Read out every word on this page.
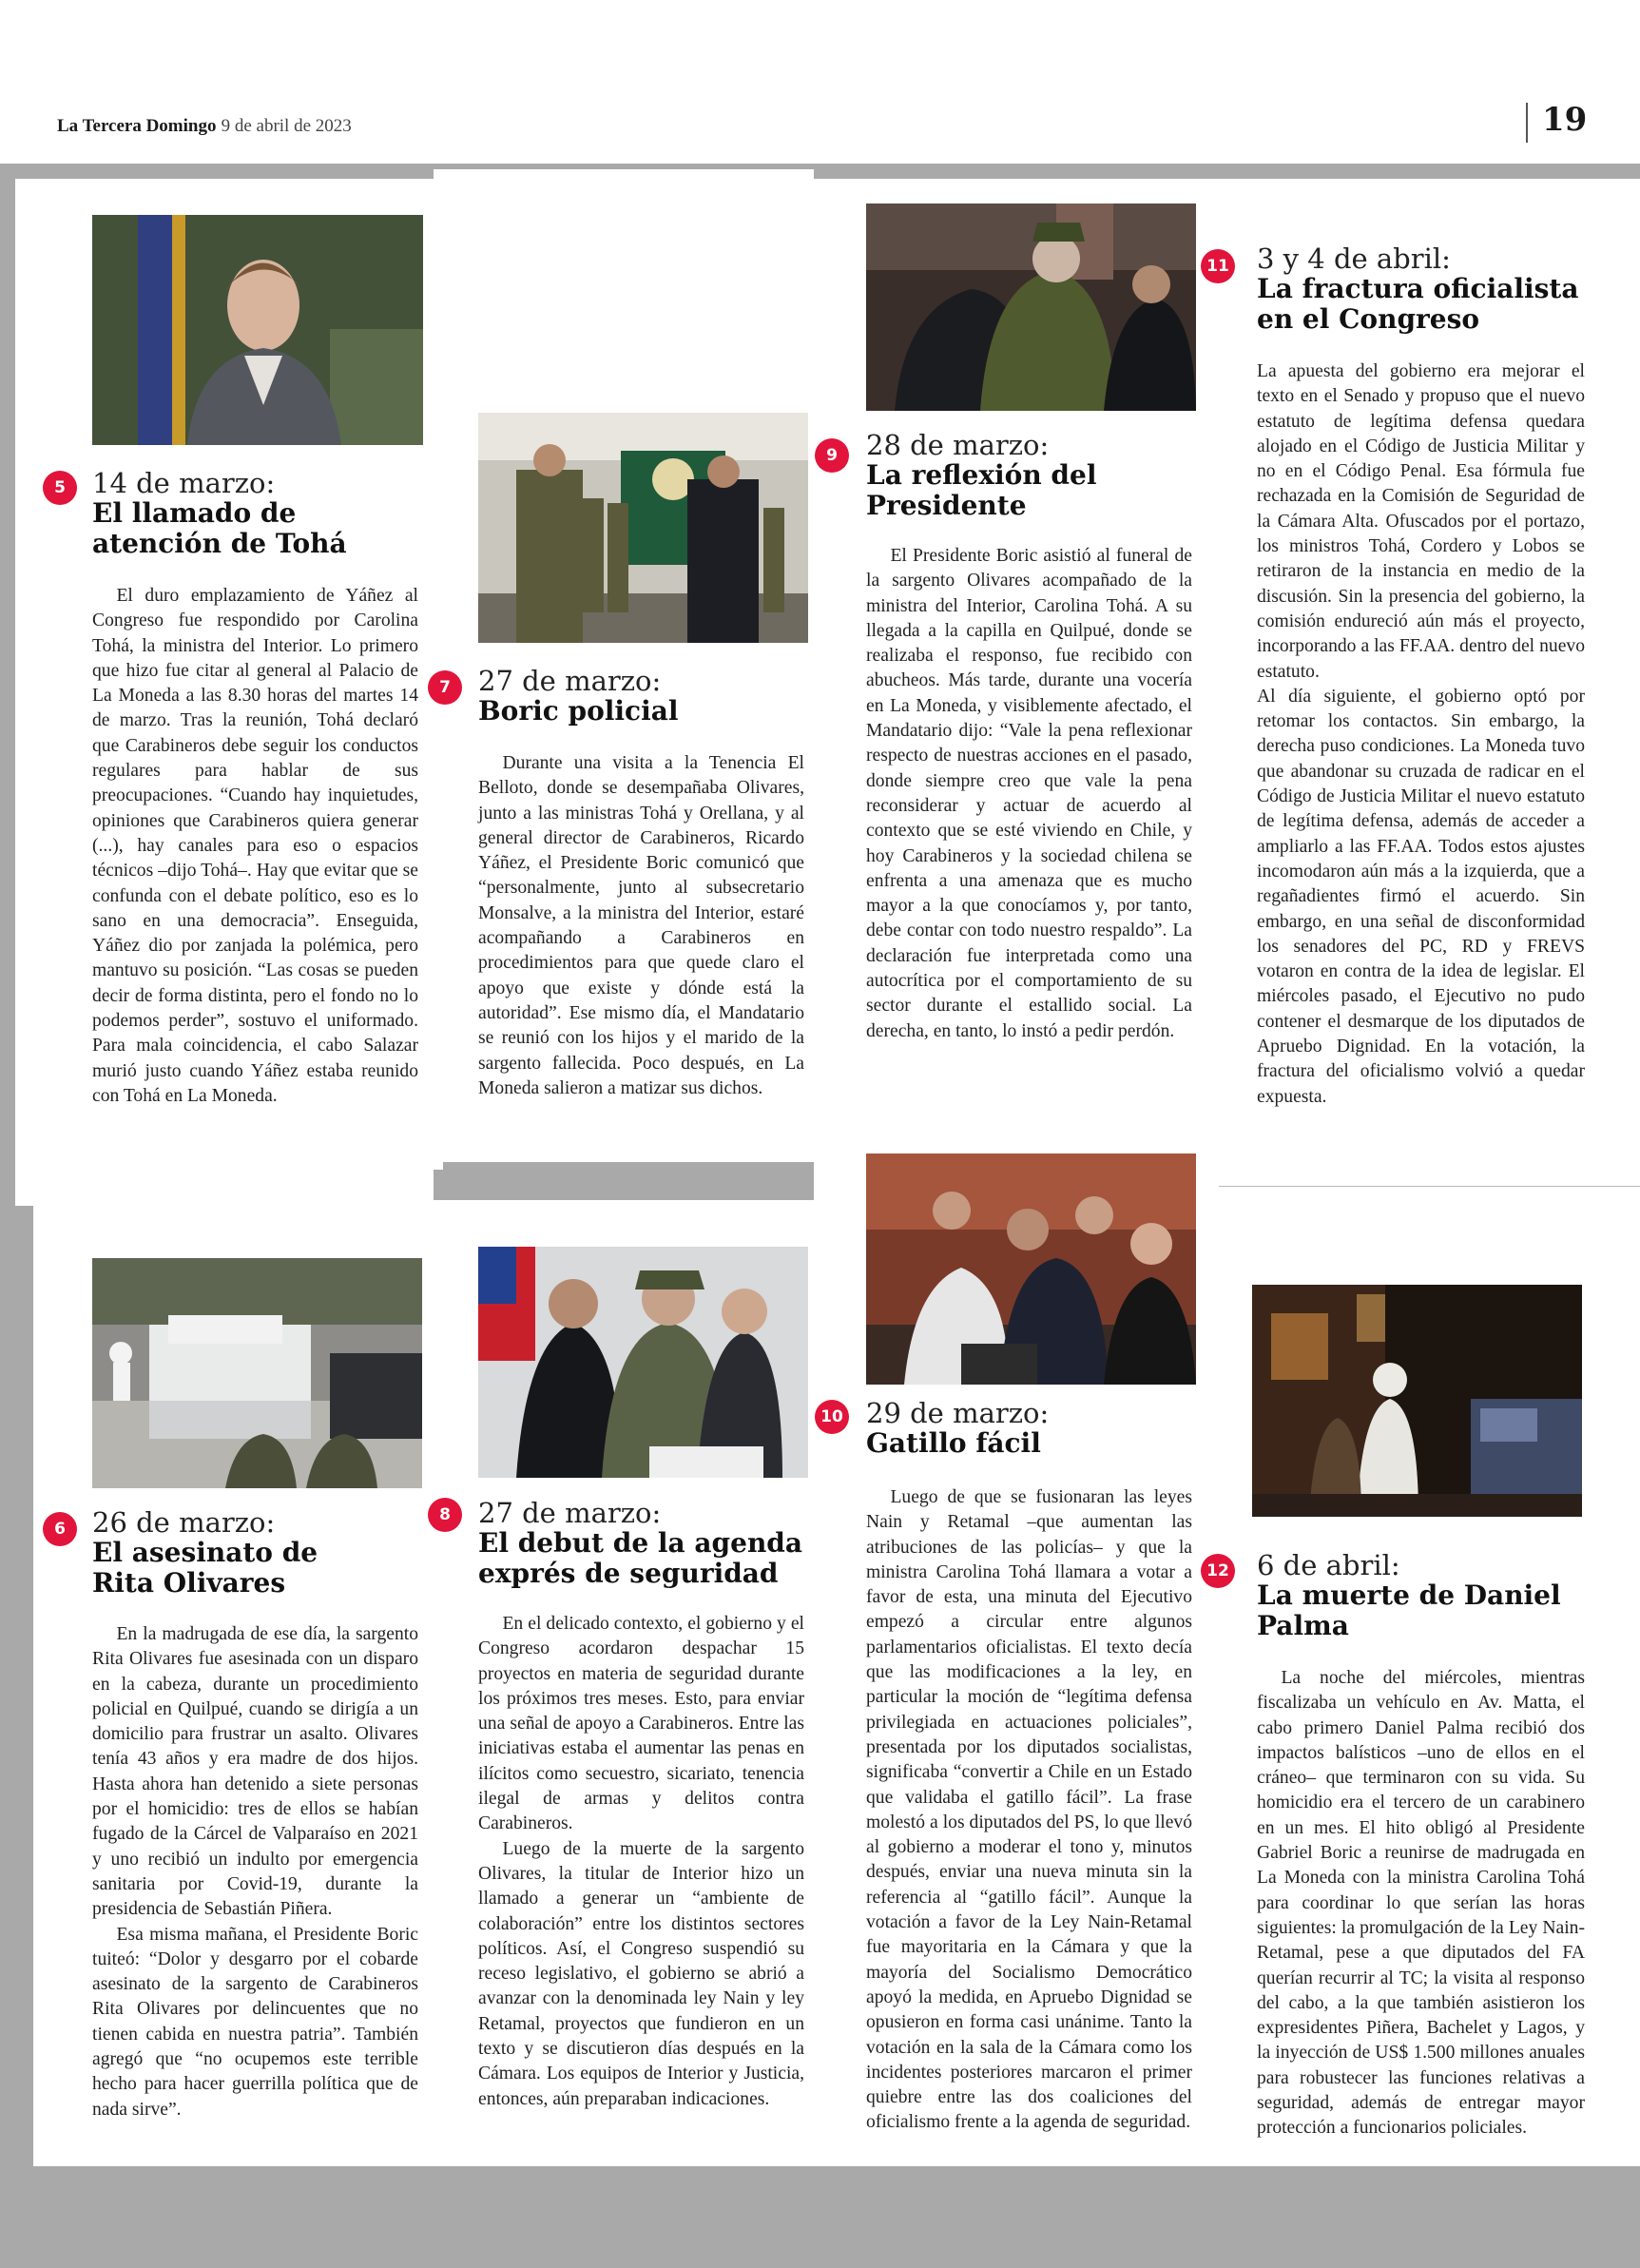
La Tercera Domingo 9 de abril de 2023	19
5 14 de marzo:
El llamado de atención de Tohá

El duro emplazamiento de Yáñez al Congreso fue respondido por Carolina Tohá, la ministra del Interior. Lo primero que hizo fue citar al general al Palacio de La Moneda a las 8.30 horas del martes 14 de marzo. Tras la reunión, Tohá declaró que Carabineros debe seguir los conductos regulares para hablar de sus preocupaciones. “Cuando hay inquietudes, opiniones que Carabineros quiera generar (...), hay canales para eso o espacios técnicos –dijo Tohá–. Hay que evitar que se confunda con el debate político, eso es lo sano en una democracia”. Enseguida, Yáñez dio por zanjada la polémica, pero mantuvo su posición. “Las cosas se pueden decir de forma distinta, pero el fondo no lo podemos perder”, sostuvo el uniformado. Para mala coincidencia, el cabo Salazar murió justo cuando Yáñez estaba reunido con Tohá en La Moneda.

7	27 de marzo:
Boric policial

Durante una visita a la Tenencia El Belloto, donde se desempañaba Olivares, junto a las ministras Tohá y Orellana, y al general director de Carabineros, Ricardo Yáñez, el Presidente Boric comunicó que “personalmente, junto al subsecretario Monsalve, a la ministra del Interior, estaré acompañando a Carabineros en procedimientos para que quede claro el apoyo que existe y dónde está la autoridad”. Ese mismo día, el Mandatario se reunió con los hijos y el marido de la sargento fallecida. Poco después, en La Moneda salieron a matizar sus dichos.

9	28 de marzo:
La reflexión del Presidente

El Presidente Boric asistió al funeral de la sargento Olivares acompañado de la ministra del Interior, Carolina Tohá. A su llegada a la capilla en Quilpué, donde se realizaba el responso, fue recibido con abucheos. Más tarde, durante una vocería en La Moneda, y visiblemente afectado, el Mandatario dijo: “Vale la pena reflexionar respecto de nuestras acciones en el pasado, donde siempre creo que vale la pena reconsiderar y actuar de acuerdo al contexto que se esté viviendo en Chile, y hoy Carabineros y la sociedad chilena se enfrenta a una amenaza que es mucho mayor a la que conocíamos y, por tanto, debe contar con todo nuestro respaldo”. La declaración fue interpretada como una autocrítica por el comportamiento de su sector durante el estallido social. La derecha, en tanto, lo instó a pedir perdón.

11 3 y 4 de abril:
La fractura oficialista en el Congreso

La apuesta del gobierno era mejorar el texto en el Senado y propuso que el nuevo estatuto de legítima defensa quedara alojado en el Código de Justicia Militar y no en el Código Penal. Esa fórmula fue rechazada en la Comisión de Seguridad de la Cámara Alta. Ofuscados por el portazo, los ministros Tohá, Cordero y Lobos se retiraron de la instancia en medio de la discusión. Sin la presencia del gobierno, la comisión endureció aún más el proyecto, incorporando a las FF.AA. dentro del nuevo estatuto.

Al día siguiente, el gobierno optó por retomar los contactos. Sin embargo, la derecha puso condiciones. La Moneda tuvo que abandonar su cruzada de radicar en el Código de Justicia Militar el nuevo estatuto de legítima defensa, además de acceder a ampliarlo a las FF.AA. Todos estos ajustes incomodaron aún más a la izquierda, que a regañadientes firmó el acuerdo. Sin embargo, en una señal de disconformidad los senadores del PC, RD y FREVS votaron en contra de la idea de legislar. El miércoles pasado, el Ejecutivo no pudo contener el desmarque de los diputados de Apruebo Dignidad. En la votación, la fractura del oficialismo volvió a quedar expuesta.

6 26 de marzo:
El asesinato de Rita Olivares

En la madrugada de ese día, la sargento Rita Olivares fue asesinada con un disparo en la cabeza, durante un procedimiento policial en Quilpué, cuando se dirigía a un domicilio para frustrar un asalto. Olivares tenía 43 años y era madre de dos hijos. Hasta ahora han detenido a siete personas por el homicidio: tres de ellos se habían fugado de la Cárcel de Valparaíso en 2021 y uno recibió un indulto por emergencia sanitaria por Covid-19, durante la presidencia de Sebastián Piñera.

Esa misma mañana, el Presidente Boric tuiteó: “Dolor y desgarro por el cobarde asesinato de la sargento de Carabineros Rita Olivares por delincuentes que no tienen cabida en nuestra patria”. También agregó que “no ocupemos este terrible hecho para hacer guerrilla política que de nada sirve”.

8	27 de marzo:
El debut de la agenda exprés de seguridad

En el delicado contexto, el gobierno y el Congreso acordaron despachar 15 proyectos en materia de seguridad durante los próximos tres meses. Esto, para enviar una señal de apoyo a Carabineros. Entre las iniciativas estaba el aumentar las penas en ilícitos como secuestro, sicariato, tenencia ilegal de armas y delitos contra Carabineros.

Luego de la muerte de la sargento Olivares, la titular de Interior hizo un llamado a generar un “ambiente de colaboración” entre los distintos sectores políticos. Así, el Congreso suspendió su receso legislativo, el gobierno se abrió a avanzar con la denominada ley Nain y ley Retamal, proyectos que fundieron en un texto y se discutieron días después en la Cámara. Los equipos de Interior y Justicia, entonces, aún preparaban indicaciones.

10 29 de marzo:
Gatillo fácil

Luego de que se fusionaran las leyes Nain y Retamal –que aumentan las atribuciones de las policías– y que la ministra Carolina Tohá llamara a votar a favor de esta, una minuta del Ejecutivo empezó a circular entre algunos parlamentarios oficialistas. El texto decía que las modificaciones a la ley, en particular la moción de “legítima defensa privilegiada en actuaciones policiales”, presentada por los diputados socialistas, significaba “convertir a Chile en un Estado que validaba el gatillo fácil”. La frase molestó a los diputados del PS, lo que llevó al gobierno a moderar el tono y, minutos después, enviar una nueva minuta sin la referencia al “gatillo fácil”. Aunque la votación a favor de la Ley Nain-Retamal fue mayoritaria en la Cámara y que la mayoría del Socialismo Democrático apoyó la medida, en Apruebo Dignidad se opusieron en forma casi unánime. Tanto la votación en la sala de la Cámara como los incidentes posteriores marcaron el primer quiebre entre las dos coaliciones del oficialismo frente a la agenda de seguridad.

12 6 de abril:
La muerte de Daniel Palma

La noche del miércoles, mientras fiscalizaba un vehículo en Av. Matta, el cabo primero Daniel Palma recibió dos impactos balísticos –uno de ellos en el cráneo– que terminaron con su vida. Su homicidio era el tercero de un carabinero en un mes. El hito obligó al Presidente Gabriel Boric a reunirse de madrugada en La Moneda con la ministra Carolina Tohá para coordinar lo que serían las horas siguientes: la promulgación de la Ley Nain-Retamal, pese a que diputados del FA querían recurrir al TC; la visita al responso del cabo, a la que también asistieron los expresidentes Piñera, Bachelet y Lagos, y la inyección de US$ 1.500 millones anuales para robustecer las funciones relativas a seguridad, además de entregar mayor protección a funcionarios policiales.
